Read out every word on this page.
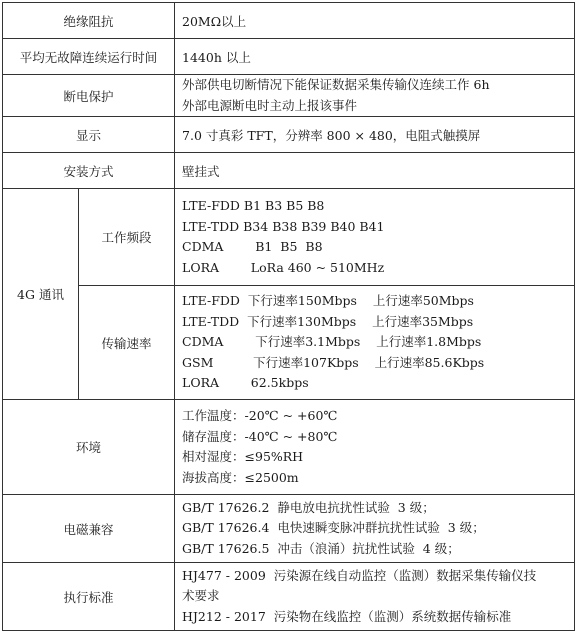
绝缘阻抗		20MΩ以上
平均无故障连续运行时间		1440h 以上
断电保护		外部供电切断情况下能保证数据采集传输仪连续工作 6h
外部电源断电时主动上报该事件

显示		7.0 寸真彩 TFT，分辨率 800 × 480，电阻式触摸屏
安装方式		壁挂式
4G 通讯	工作频段	LTE-FDD B1 B3 B5 B8
LTE-TDD B34 B38 B39 B40 B41
CDMA        B1  B5  B8
LORA        LoRa 460 ~ 510MHz

	传输速率	LTE-FDD  下行速率150Mbps    上行速率50Mbps
LTE-TDD  下行速率130Mbps    上行速率35Mbps
CDMA        下行速率3.1Mbps    上行速率1.8Mbps
GSM          下行速率107Kbps    上行速率85.6Kbps
LORA        62.5kbps

环境		工作温度：-20℃ ~ +60℃
储存温度：-40℃ ~ +80℃
相对湿度：≤95%RH
海拔高度：≤2500m

电磁兼容		GB/T 17626.2  静电放电抗扰性试验  3 级；
GB/T 17626.4  电快速瞬变脉冲群抗扰性试验  3 级；
GB/T 17626.5  冲击（浪涌）抗扰性试验  4 级；

执行标准		HJ477 - 2009  污染源在线自动监控（监测）数据采集传输仪技
术要求
HJ212 - 2017  污染物在线监控（监测）系统数据传输标准
